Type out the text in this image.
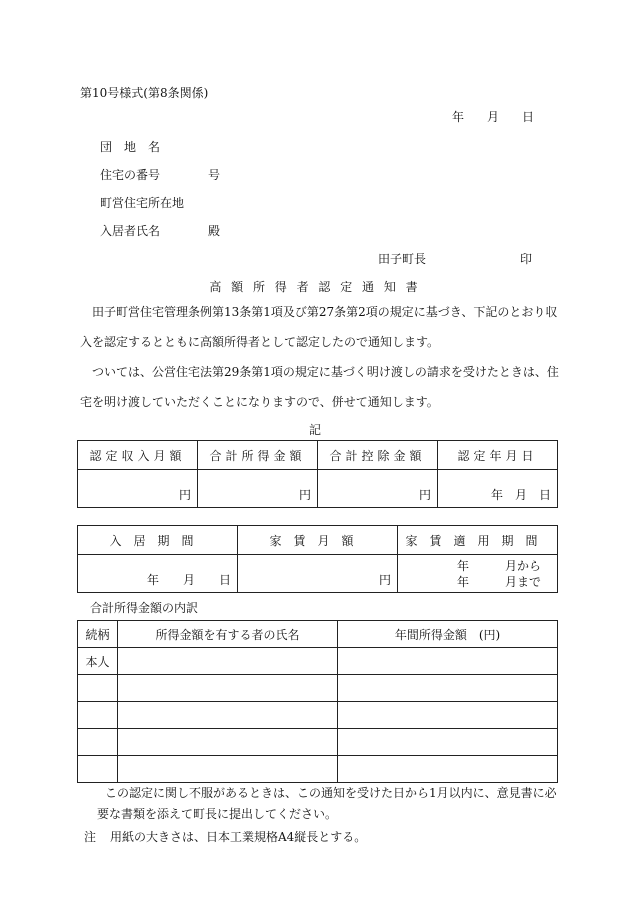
第10号様式(第8条関係)
年 月 日
団　地　名
住宅の番号	号
町営住宅所在地
入居者氏名	殿
田子町長	印
高 額 所 得 者 認 定 通 知 書
田子町営住宅管理条例第13条第1項及び第27条第2項の規定に基づき、下記のとおり収入を認定するとともに高額所得者として認定したので通知します。
ついては、公営住宅法第29条第1項の規定に基づく明け渡しの請求を受けたときは、住宅を明け渡していただくことになりますので、併せて通知します。
記
認定収入月額	合計所得金額	合計控除金額	認定年月日
円	円	円	年　月　日
入居期間	家賃月額	家賃適用期間
年　　月　　日	円	年　　　月から
年　　　月まで
合計所得金額の内訳
続柄	所得金額を有する者の氏名	年間所得金額　(円)
本人		

この認定に関し不服があるときは、この通知を受けた日から1月以内に、意見書に必要な書類を添えて町長に提出してください。
注 用紙の大きさは、日本工業規格A4縦長とする。
